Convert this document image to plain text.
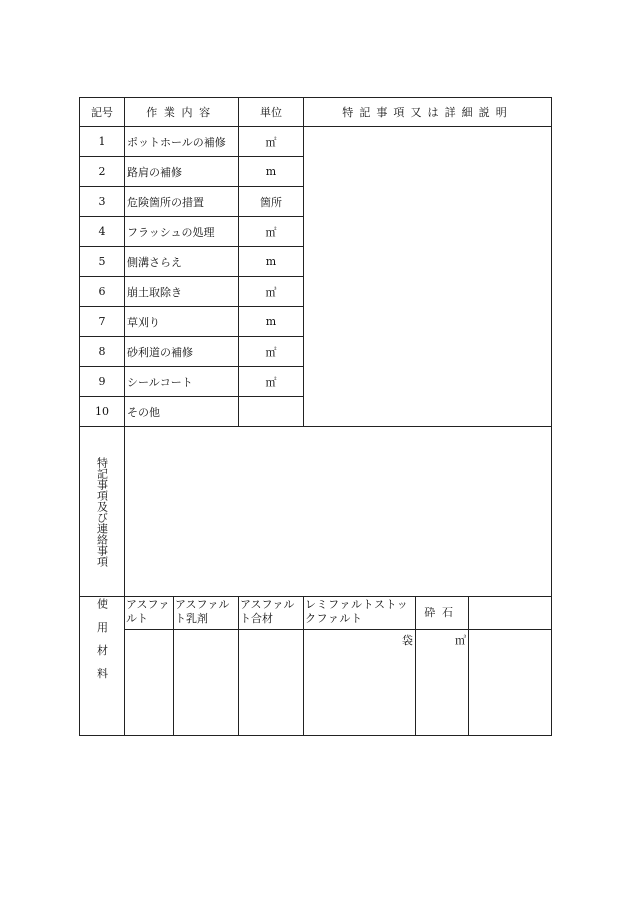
記号	作業内容		単位	特記事項又は詳細説明		
1	ポットホールの補修		㎡			
2	路肩の補修		m			
3	危険箇所の措置		箇所			
4	フラッシュの処理		㎡			
5	側溝さらえ		m			
6	崩土取除き		㎥			
7	草刈り		m			
8	砂利道の補修		㎡			
9	シールコート		㎡			
10	その他					

特記事項及び連絡事項						

使用材料	アスファルト	アスファルト乳剤	アスファルト合材	レミファルトストックファルト	砕石	
				袋	㎥	
